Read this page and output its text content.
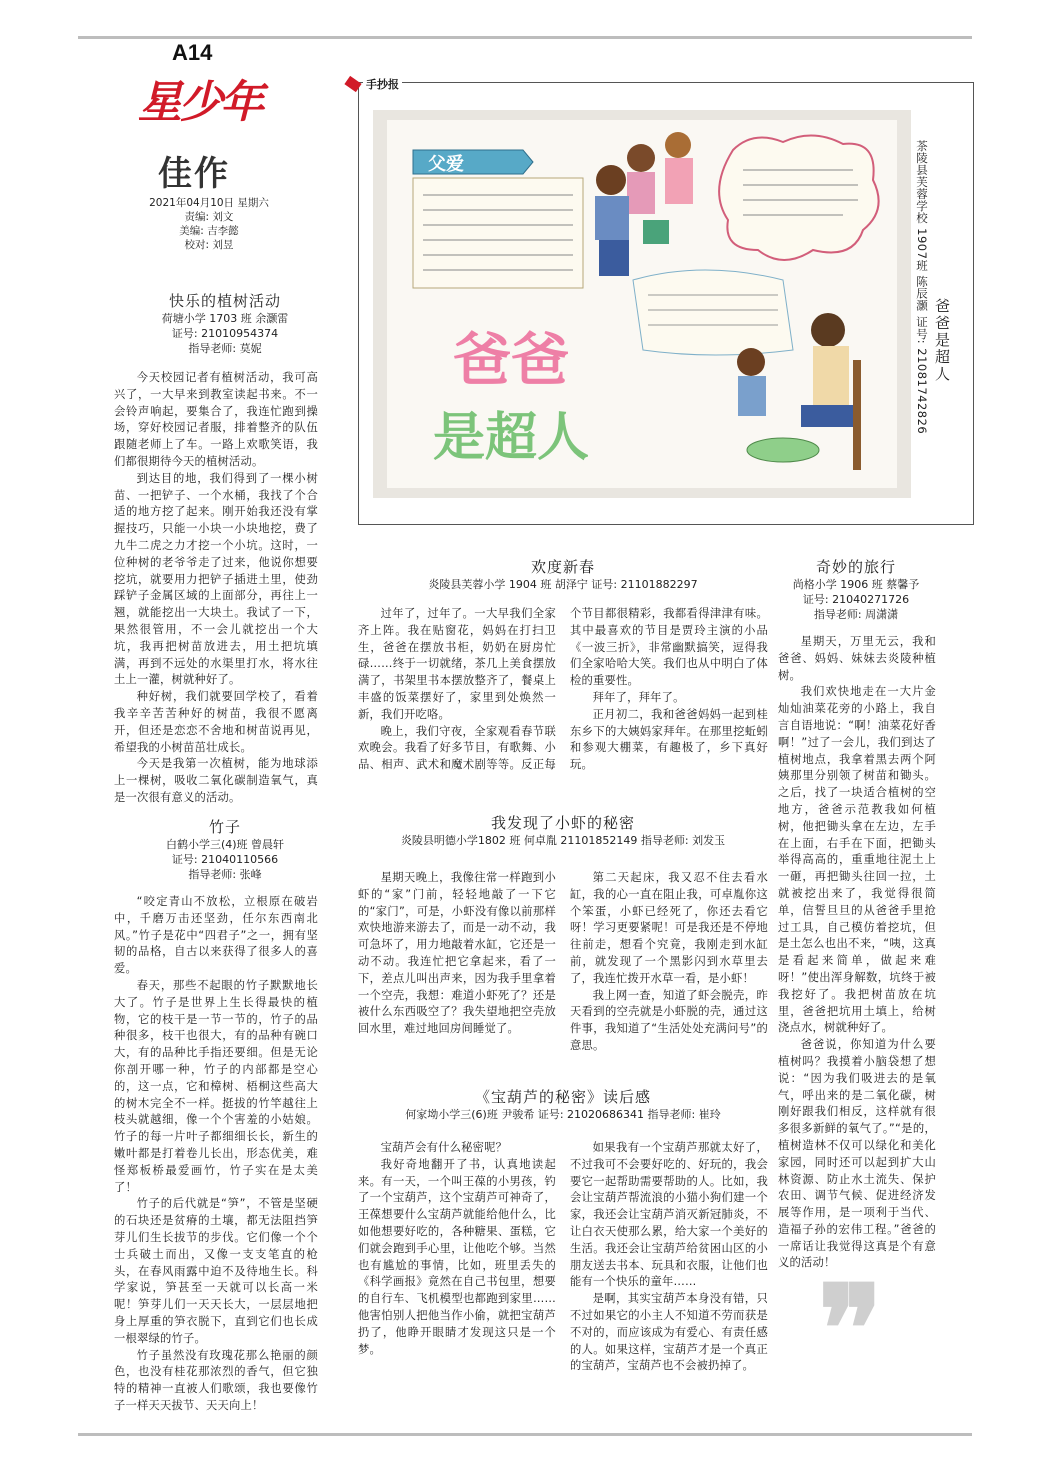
A14
星少年
佳作
2021年04月10日 星期六
责编: 刘文
美编: 吉李懿
校对: 刘昱
手抄报
爸爸
是超人
父爱
爸爸是超人
茶陵县芙蓉学校 1907班 陈辰灏 证号: 21081742826
快乐的植树活动
荷塘小学 1703 班 余灏雷
证号: 21010954374
指导老师: 莫妮

今天校园记者有植树活动，我可高兴了，一大早来到教室读起书来。不一会铃声响起，要集合了，我连忙跑到操场，穿好校园记者服，排着整齐的队伍跟随老师上了车。一路上欢歌笑语，我们都很期待今天的植树活动。

到达目的地，我们得到了一棵小树苗、一把铲子、一个水桶，我找了个合适的地方挖了起来。刚开始我还没有掌握技巧，只能一小块一小块地挖，费了九牛二虎之力才挖一个小坑。这时，一位种树的老爷爷走了过来，他说你想要挖坑，就要用力把铲子插进土里，使劲踩铲子金属区域的上面部分，再往上一翘，就能挖出一大块土。我试了一下，果然很管用，不一会儿就挖出一个大坑，我再把树苗放进去，用土把坑填满，再到不远处的水渠里打水，将水往土上一灌，树就种好了。

种好树，我们就要回学校了，看着我辛辛苦苦种好的树苗，我很不愿离开，但还是恋恋不舍地和树苗说再见，希望我的小树苗茁壮成长。

今天是我第一次植树，能为地球添上一棵树，吸收二氧化碳制造氧气，真是一次很有意义的活动。

竹子
白鹤小学三(4)班 曾晨轩
证号: 21040110566
指导老师: 张峰

“咬定青山不放松，立根原在破岩中，千磨万击还坚劲，任尔东西南北风。”竹子是花中“四君子”之一，拥有坚韧的品格，自古以来获得了很多人的喜爱。

春天，那些不起眼的竹子默默地长大了。竹子是世界上生长得最快的植物，它的枝干是一节一节的，竹子的品种很多，枝干也很大，有的品种有碗口大，有的品种比手指还要细。但是无论你剖开哪一种，竹子的内部都是空心的，这一点，它和樟树、梧桐这些高大的树木完全不一样。挺拔的竹竿越往上枝头就越细，像一个个害羞的小姑娘。竹子的每一片叶子都细细长长，新生的嫩叶都是打着卷儿长出，形态优美，难怪郑板桥最爱画竹，竹子实在是太美了！

竹子的后代就是“笋”，不管是坚硬的石块还是贫瘠的土壤，都无法阻挡笋芽儿们生长拔节的步伐。它们像一个个士兵破土而出，又像一支支笔直的枪头，在春风雨露中迫不及待地生长。科学家说，笋甚至一天就可以长高一米呢！笋芽儿们一天天长大，一层层地把身上厚重的笋衣脱下，直到它们也长成一根翠绿的竹子。

竹子虽然没有玫瑰花那么艳丽的颜色，也没有桂花那浓烈的香气，但它独特的精神一直被人们歌颂，我也要像竹子一样天天拔节、天天向上！

欢度新春
炎陵县芙蓉小学 1904 班 胡泽宁 证号: 21101882297

过年了，过年了。一大早我们全家齐上阵。我在贴窗花，妈妈在打扫卫生，爸爸在摆放书柜，奶奶在厨房忙碌……终于一切就绪，茶几上美食摆放满了，书架里书本摆放整齐了，餐桌上丰盛的饭菜摆好了，家里到处焕然一新，我们开吃咯。

晚上，我们守夜，全家观看春节联欢晚会。我看了好多节目，有歌舞、小品、相声、武术和魔术剧等等。反正每个节目都很精彩，我都看得津津有味。其中最喜欢的节目是贾玲主演的小品《一波三折》，非常幽默搞笑，逗得我们全家哈哈大笑。我们也从中明白了体检的重要性。

拜年了，拜年了。

正月初二，我和爸爸妈妈一起到桂东乡下的大姨妈家拜年。在那里挖蚯蚓和参观大棚菜，有趣极了，乡下真好玩。

我发现了小虾的秘密
炎陵县明德小学1802 班 何卓胤 21101852149 指导老师: 刘发玉

星期天晚上，我像往常一样跑到小虾的“家”门前，轻轻地敲了一下它的“家门”，可是，小虾没有像以前那样欢快地游来游去了，而是一动不动，我可急坏了，用力地敲着水缸，它还是一动不动。我连忙把它拿起来，看了一下，差点儿叫出声来，因为我手里拿着一个空壳，我想：难道小虾死了？还是被什么东西吸空了？我失望地把空壳放回水里，难过地回房间睡觉了。

第二天起床，我又忍不住去看水缸，我的心一直在阻止我，可卓胤你这个笨蛋，小虾已经死了，你还去看它呀！学习更要紧呢！可是我还是不停地往前走，想看个究竟，我刚走到水缸前，就发现了一个黑影闪到水草里去了，我连忙拨开水草一看，是小虾！

我上网一查，知道了虾会脱壳，昨天看到的空壳就是小虾脱的壳，通过这件事，我知道了“生活处处充满问号”的意思。

《宝葫芦的秘密》读后感
何家坳小学三(6)班 尹骏希 证号: 21020686341 指导老师: 崔玲

宝葫芦会有什么秘密呢？

我好奇地翻开了书，认真地读起来。有一天，一个叫王葆的小男孩，钓了一个宝葫芦，这个宝葫芦可神奇了，王葆想要什么宝葫芦就能给他什么，比如他想要好吃的，各种糖果、蛋糕，它们就会跑到手心里，让他吃个够。当然也有尴尬的事情，比如，班里丢失的《科学画报》竟然在自己书包里，想要的自行车、飞机模型也都跑到家里……他害怕别人把他当作小偷，就把宝葫芦扔了，他睁开眼睛才发现这只是一个梦。

如果我有一个宝葫芦那就太好了，不过我可不会要好吃的、好玩的，我会要它一起帮助需要帮助的人。比如，我会让宝葫芦帮流浪的小猫小狗们建一个家，我还会让宝葫芦消灭新冠肺炎，不让白衣天使那么累，给大家一个美好的生活。我还会让宝葫芦给贫困山区的小朋友送去书本、玩具和衣服，让他们也能有一个快乐的童年……

是啊，其实宝葫芦本身没有错，只不过如果它的小主人不知道不劳而获是不对的，而应该成为有爱心、有责任感的人。如果这样，宝葫芦才是一个真正的宝葫芦，宝葫芦也不会被扔掉了。

奇妙的旅行
尚格小学 1906 班 蔡馨予
证号: 21040271726
指导老师: 周潇潇

星期天，万里无云，我和爸爸、妈妈、妹妹去炎陵种植树。

我们欢快地走在一大片金灿灿油菜花旁的小路上，我自言自语地说：“啊！油菜花好香啊！”过了一会儿，我们到达了植树地点，我拿着黑去两个阿姨那里分别领了树苗和锄头。之后，找了一块适合植树的空地方，爸爸示范教我如何植树，他把锄头拿在左边，左手在上面，右手在下面，把锄头举得高高的，重重地往泥土上一砸，再把锄头往回一拉，土就被挖出来了，我觉得很简单，信誓旦旦的从爸爸手里抢过工具，自己模仿着挖坑，但是土怎么也出不来，“咦，这真是看起来简单，做起来难呀！”使出浑身解数，坑终于被我挖好了。我把树苗放在坑里，爸爸把坑用土填上，给树浇点水，树就种好了。

爸爸说，你知道为什么要植树吗？我摸着小脑袋想了想说：“因为我们吸进去的是氧气，呼出来的是二氧化碳，树刚好跟我们相反，这样就有很多很多新鲜的氧气了。”“是的，植树造林不仅可以绿化和美化家园，同时还可以起到扩大山林资源、防止水土流失、保护农田、调节气候、促进经济发展等作用，是一项利于当代、造福子孙的宏伟工程。”爸爸的一席话让我觉得这真是个有意义的活动！

❞
